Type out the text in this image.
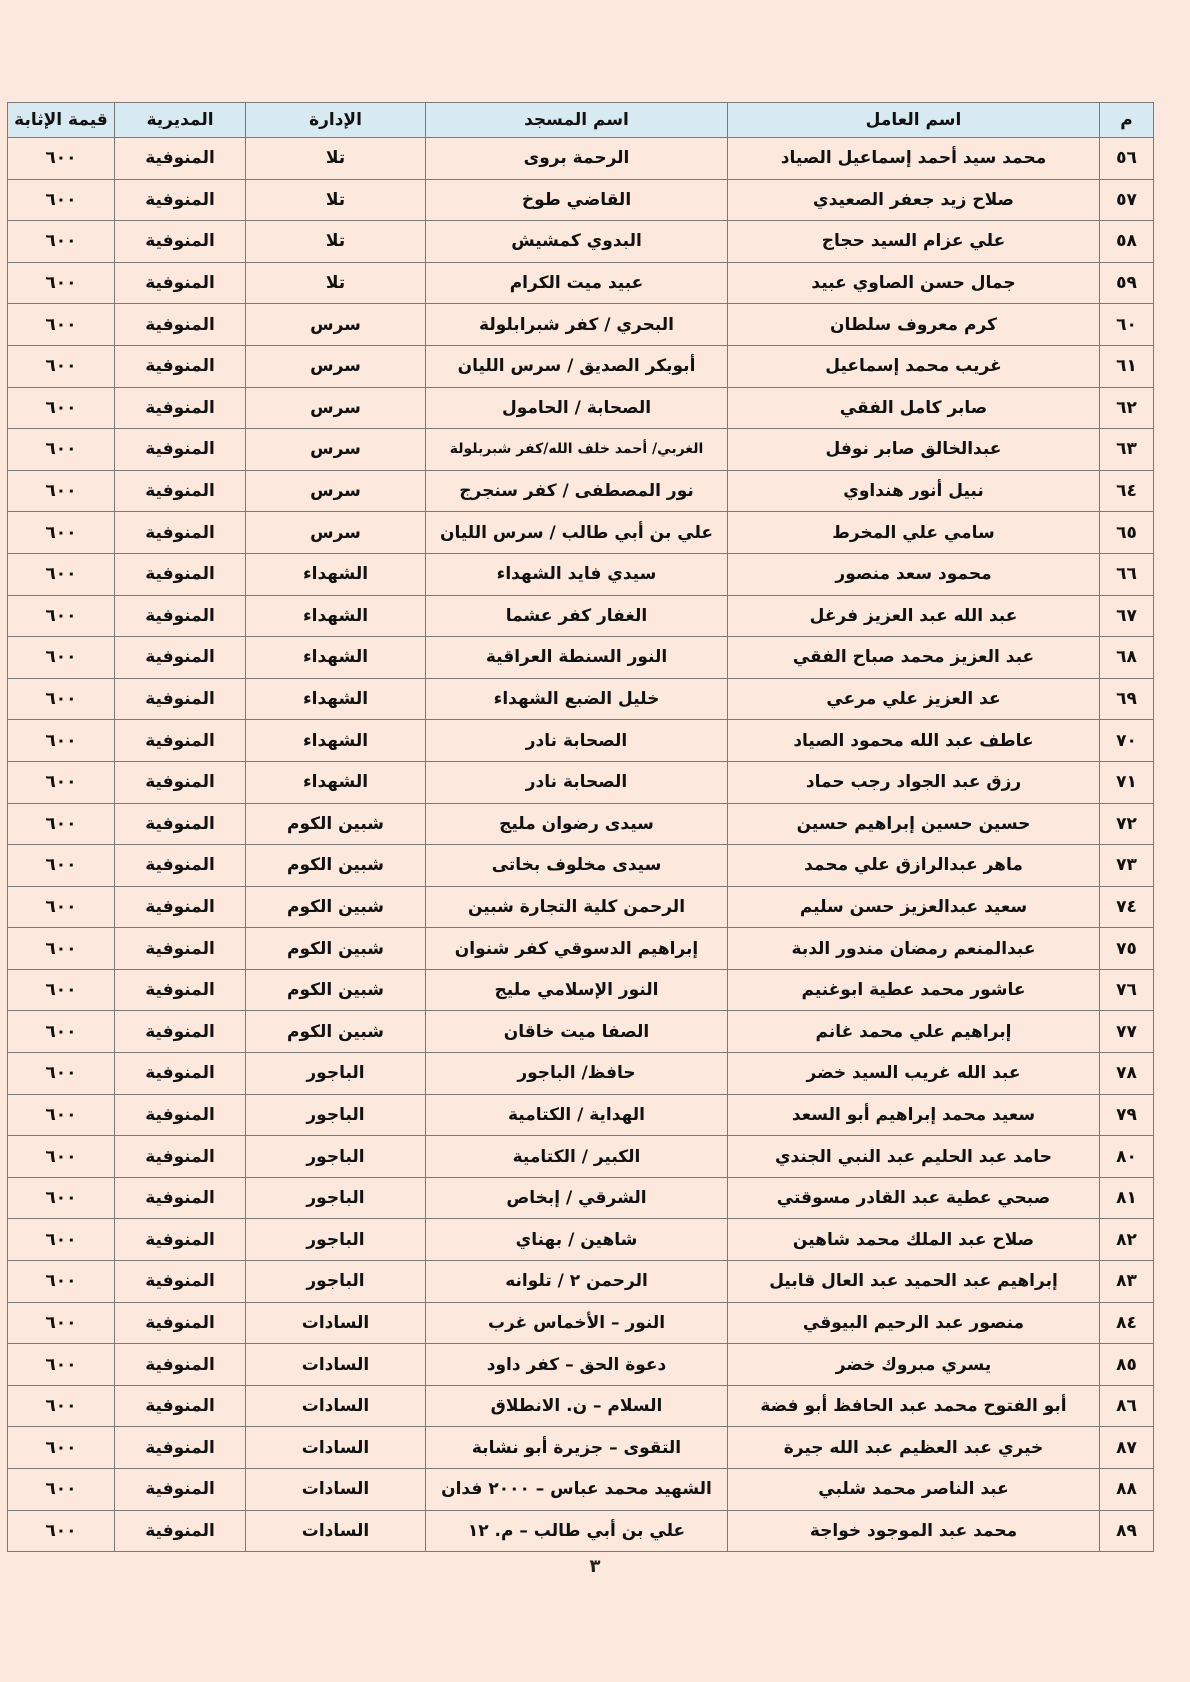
م	اسم العامل	اسم المسجد	الإدارة	المديرية	قيمة الإثابة
٥٦	محمد سيد أحمد إسماعيل الصياد	الرحمة بروى	تلا	المنوفية	٦٠٠
٥٧	صلاح زيد جعفر الصعيدي	القاضي طوخ	تلا	المنوفية	٦٠٠
٥٨	علي عزام السيد حجاج	البدوي كمشيش	تلا	المنوفية	٦٠٠
٥٩	جمال حسن الصاوي عبيد	عبيد ميت الكرام	تلا	المنوفية	٦٠٠
٦٠	كرم معروف سلطان	البحري / كفر شبرابلولة	سرس	المنوفية	٦٠٠
٦١	غريب محمد إسماعيل	أبوبكر الصديق / سرس الليان	سرس	المنوفية	٦٠٠
٦٢	صابر كامل الفقي	الصحابة / الحامول	سرس	المنوفية	٦٠٠
٦٣	عبدالخالق صابر نوفل	الغربي/ أحمد خلف الله/كفر شبربلولة	سرس	المنوفية	٦٠٠
٦٤	نبيل أنور هنداوي	نور المصطفى / كفر سنجرج	سرس	المنوفية	٦٠٠
٦٥	سامي علي المخرط	علي بن أبي طالب / سرس الليان	سرس	المنوفية	٦٠٠
٦٦	محمود سعد منصور	سيدي فايد الشهداء	الشهداء	المنوفية	٦٠٠
٦٧	عبد الله عبد العزيز فرغل	الغفار كفر عشما	الشهداء	المنوفية	٦٠٠
٦٨	عبد العزيز محمد صباح الفقي	النور السنطة العراقية	الشهداء	المنوفية	٦٠٠
٦٩	عد العزيز علي مرعي	خليل الضبع الشهداء	الشهداء	المنوفية	٦٠٠
٧٠	عاطف عبد الله محمود الصياد	الصحابة نادر	الشهداء	المنوفية	٦٠٠
٧١	رزق عبد الجواد رجب حماد	الصحابة نادر	الشهداء	المنوفية	٦٠٠
٧٢	حسين حسين إبراهيم حسين	سيدى رضوان مليج	شبين الكوم	المنوفية	٦٠٠
٧٣	ماهر عبدالرازق علي محمد	سيدى مخلوف بخاتى	شبين الكوم	المنوفية	٦٠٠
٧٤	سعيد عبدالعزيز حسن سليم	الرحمن كلية التجارة شبين	شبين الكوم	المنوفية	٦٠٠
٧٥	عبدالمنعم رمضان مندور الدبة	إبراهيم الدسوقي كفر شنوان	شبين الكوم	المنوفية	٦٠٠
٧٦	عاشور محمد عطية ابوغنيم	النور الإسلامي مليج	شبين الكوم	المنوفية	٦٠٠
٧٧	إبراهيم علي محمد غانم	الصفا ميت خاقان	شبين الكوم	المنوفية	٦٠٠
٧٨	عبد الله غريب السيد خضر	حافظ/ الباجور	الباجور	المنوفية	٦٠٠
٧٩	سعيد محمد إبراهيم أبو السعد	الهداية / الكتامية	الباجور	المنوفية	٦٠٠
٨٠	حامد عبد الحليم عبد النبي الجندي	الكبير / الكتامية	الباجور	المنوفية	٦٠٠
٨١	صبحي عطية عبد القادر مسوقتي	الشرقي / إبخاص	الباجور	المنوفية	٦٠٠
٨٢	صلاح عبد الملك محمد شاهين	شاهين / بهناي	الباجور	المنوفية	٦٠٠
٨٣	إبراهيم عبد الحميد عبد العال قابيل	الرحمن ٢ / تلوانه	الباجور	المنوفية	٦٠٠
٨٤	منصور عبد الرحيم البيوقي	النور – الأخماس غرب	السادات	المنوفية	٦٠٠
٨٥	يسري مبروك خضر	دعوة الحق – كفر داود	السادات	المنوفية	٦٠٠
٨٦	أبو الفتوح محمد عبد الحافظ أبو فضة	السلام – ن. الانطلاق	السادات	المنوفية	٦٠٠
٨٧	خيري عبد العظيم عبد الله جيرة	التقوى – جزيرة أبو نشابة	السادات	المنوفية	٦٠٠
٨٨	عبد الناصر محمد شلبي	الشهيد محمد عباس – ٢٠٠٠ فدان	السادات	المنوفية	٦٠٠
٨٩	محمد عبد الموجود خواجة	علي بن أبي طالب – م. ١٢	السادات	المنوفية	٦٠٠
٣
